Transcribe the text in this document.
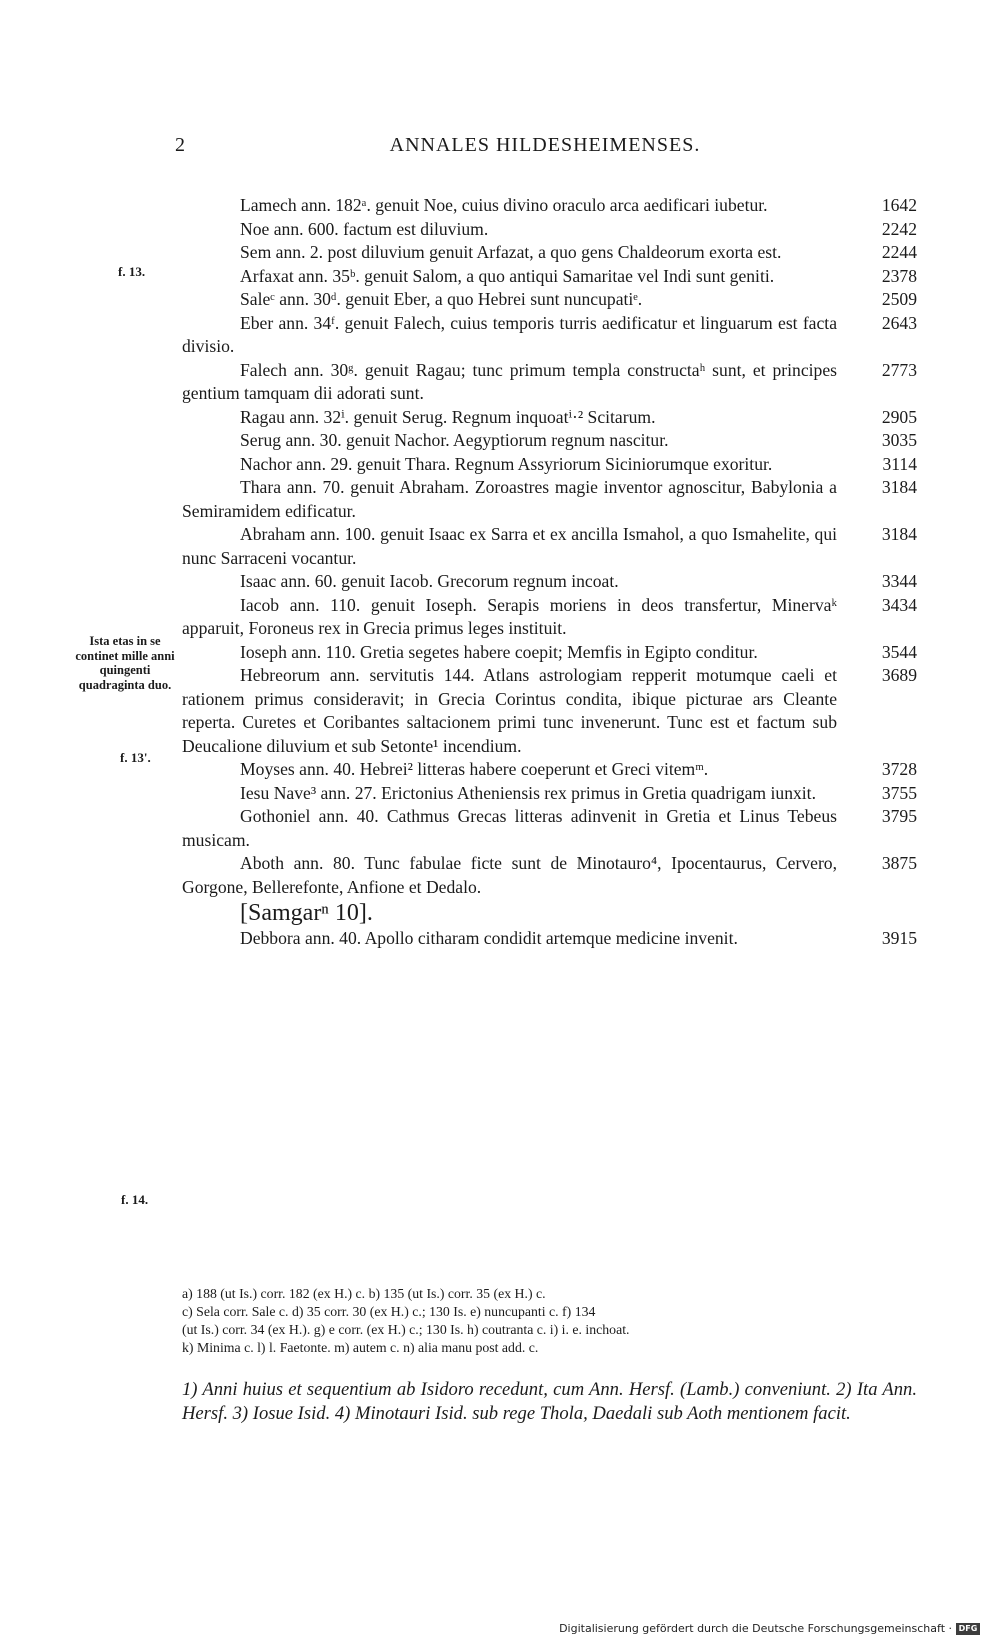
2	ANNALES HILDESHEIMENSES.
f. 13.
Ista etas in se continet mille anni quingenti quadraginta duo.
f. 13'.
f. 14.

Lamech ann. 182ᵃ. genuit Noe, cuius divino oraculo arca aedificari iubetur.	1642

Noe ann. 600. factum est diluvium.	2242

Sem ann. 2. post diluvium genuit Arfazat, a quo gens Chaldeorum exorta est.	2244

Arfaxat ann. 35ᵇ. genuit Salom, a quo antiqui Samaritae vel Indi sunt geniti.	2378

Saleᶜ ann. 30ᵈ. genuit Eber, a quo Hebrei sunt nuncupatiᵉ.	2509

Eber ann. 34ᶠ. genuit Falech, cuius temporis turris aedificatur et linguarum est facta divisio.
2643

Falech ann. 30ᵍ. genuit Ragau; tunc primum templa constructaʰ sunt, et principes gentium tamquam dii adorati sunt.
2773

Ragau ann. 32ⁱ. genuit Serug. Regnum inquoatⁱ·² Scitarum.	2905

Serug ann. 30. genuit Nachor. Aegyptiorum regnum nascitur.	3035

Nachor ann. 29. genuit Thara. Regnum Assyriorum Siciniorumque exoritur.	3114

Thara ann. 70. genuit Abraham. Zoroastres magie inventor agnoscitur, Babylonia a Semiramidem edificatur.
3184

Abraham ann. 100. genuit Isaac ex Sarra et ex ancilla Ismahol, a quo Ismahelite, qui nunc Sarraceni vocantur.
3184

Isaac ann. 60. genuit Iacob. Grecorum regnum incoat.	3344

Iacob ann. 110. genuit Ioseph. Serapis moriens in deos transfertur, Minervaᵏ apparuit, Foroneus rex in Grecia primus leges instituit.
3434

Ioseph ann. 110. Gretia segetes habere coepit; Memfis in Egipto conditur.	3544

Hebreorum ann. servitutis 144. Atlans astrologiam repperit motumque caeli et rationem primus consideravit; in Grecia Corintus condita, ibique picturae ars Cleante reperta. Curetes et Coribantes saltacionem primi tunc invenerunt. Tunc est et factum sub Deucalione diluvium et sub Setonte¹ incendium.
3689

Moyses ann. 40. Hebrei² litteras habere coeperunt et Greci vitemᵐ.	3728

Iesu Nave³ ann. 27. Erictonius Atheniensis rex primus in Gretia quadrigam iunxit.	3755

Gothoniel ann. 40. Cathmus Grecas litteras adinvenit in Gretia et Linus Tebeus musicam.
3795

Aboth ann. 80. Tunc fabulae ficte sunt de Minotauro⁴, Ipocentaurus, Cervero, Gorgone, Bellerefonte, Anfione et Dedalo.
3875

[Samgarⁿ 10].

Debbora ann. 40. Apollo citharam condidit artemque medicine invenit.	3915

a) 188 (ut Is.) corr. 182 (ex H.) c. b) 135 (ut Is.) corr. 35 (ex H.) c.

c) Sela corr. Sale c. d) 35 corr. 30 (ex H.) c.; 130 Is. e) nuncupanti c. f) 134

(ut Is.) corr. 34 (ex H.). g) e corr. (ex H.) c.; 130 Is. h) coutranta c. i) i. e. inchoat.

k) Minima c. l) l. Faetonte. m) autem c. n) alia manu post add. c.

1) Anni huius et sequentium ab Isidoro recedunt, cum Ann. Hersf. (Lamb.) conveniunt. 2) Ita Ann. Hersf. 3) Iosue Isid. 4) Minotauri Isid. sub rege Thola, Daedali sub Aoth mentionem facit.
Digitalisierung gefördert durch die Deutsche Forschungsgemeinschaft · DFG
